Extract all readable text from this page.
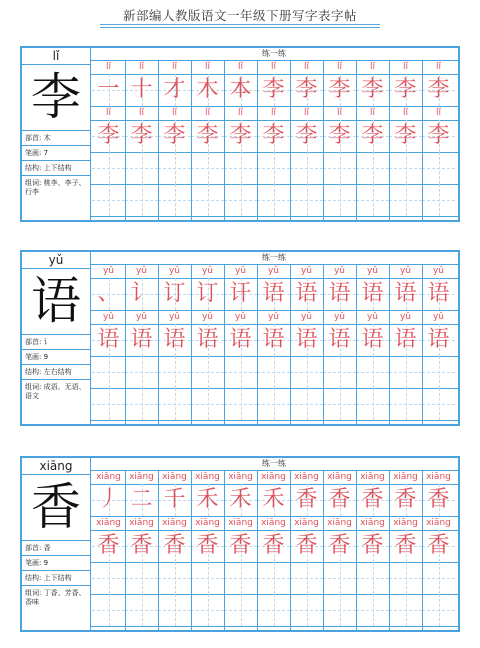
新部编人教版语文一年级下册写字表字帖
lǐ
李
部首: 木
笔画: 7
结构: 上下结构
组词: 桃李、李子、行李
练一练
lǐ	lǐ	lǐ	lǐ	lǐ	lǐ	lǐ	lǐ	lǐ	lǐ	lǐ
一 十 才 木 本 李 李 李 李 李 李
lǐ	lǐ	lǐ	lǐ	lǐ	lǐ	lǐ	lǐ	lǐ	lǐ	lǐ
李 李 李 李 李 李 李 李 李 李 李
yǔ
语
部首: 讠
笔画: 9
结构: 左右结构
组词: 成语、无语、语文
练一练
yǔ	yǔ	yǔ	yǔ	yǔ	yǔ	yǔ	yǔ	yǔ	yǔ	yǔ
、 讠 订 订 讦 语 语 语 语 语 语
yǔ	yǔ	yǔ	yǔ	yǔ	yǔ	yǔ	yǔ	yǔ	yǔ	yǔ
语 语 语 语 语 语 语 语 语 语 语
xiāng
香
部首: 香
笔画: 9
结构: 上下结构
组词: 丁香、芳香、香味
练一练
xiāng xiāng xiāng xiāng xiāng xiāng xiāng xiāng xiāng xiāng xiāng
丿 二 千 禾 禾 禾 香 香 香 香 香
xiāng xiāng xiāng xiāng xiāng xiāng xiāng xiāng xiāng xiāng xiāng
香 香 香 香 香 香 香 香 香 香 香
